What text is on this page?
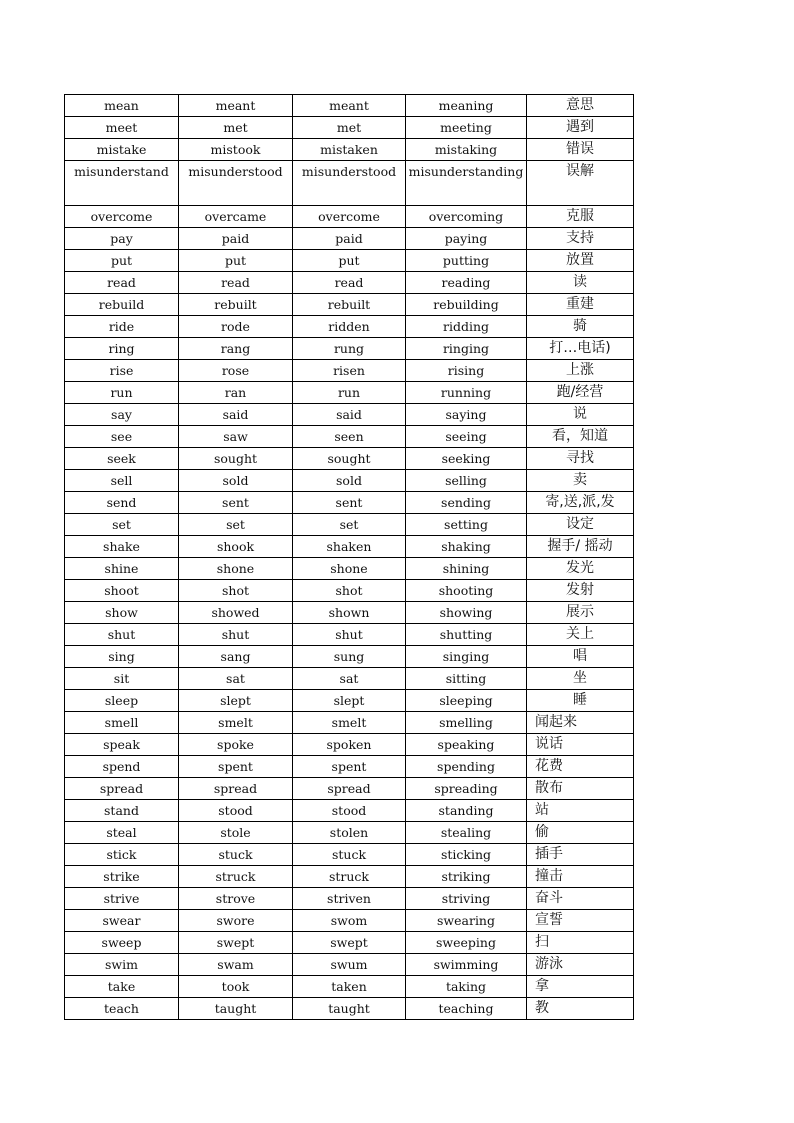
mean	meant	meant	meaning	意思
meet	met	met	meeting	遇到
mistake	mistook	mistaken	mistaking	错误
misunderstand	misunderstood	misunderstood	misunderstanding	误解
overcome	overcame	overcome	overcoming	克服
pay	paid	paid	paying	支持
put	put	put	putting	放置
read	read	read	reading	读
rebuild	rebuilt	rebuilt	rebuilding	重建
ride	rode	ridden	ridding	骑
ring	rang	rung	ringing	打…电话)
rise	rose	risen	rising	上涨
run	ran	run	running	跑/经营
say	said	said	saying	说
see	saw	seen	seeing	看，知道
seek	sought	sought	seeking	寻找
sell	sold	sold	selling	卖
send	sent	sent	sending	寄,送,派,发
set	set	set	setting	设定
shake	shook	shaken	shaking	握手/ 摇动
shine	shone	shone	shining	发光
shoot	shot	shot	shooting	发射
show	showed	shown	showing	展示
shut	shut	shut	shutting	关上
sing	sang	sung	singing	唱
sit	sat	sat	sitting	坐
sleep	slept	slept	sleeping	睡
smell	smelt	smelt	smelling	闻起来
speak	spoke	spoken	speaking	说话
spend	spent	spent	spending	花费
spread	spread	spread	spreading	散布
stand	stood	stood	standing	站
steal	stole	stolen	stealing	偷
stick	stuck	stuck	sticking	插手
strike	struck	struck	striking	撞击
strive	strove	striven	striving	奋斗
swear	swore	swom	swearing	宣誓
sweep	swept	swept	sweeping	扫
swim	swam	swum	swimming	游泳
take	took	taken	taking	拿
teach	taught	taught	teaching	教
